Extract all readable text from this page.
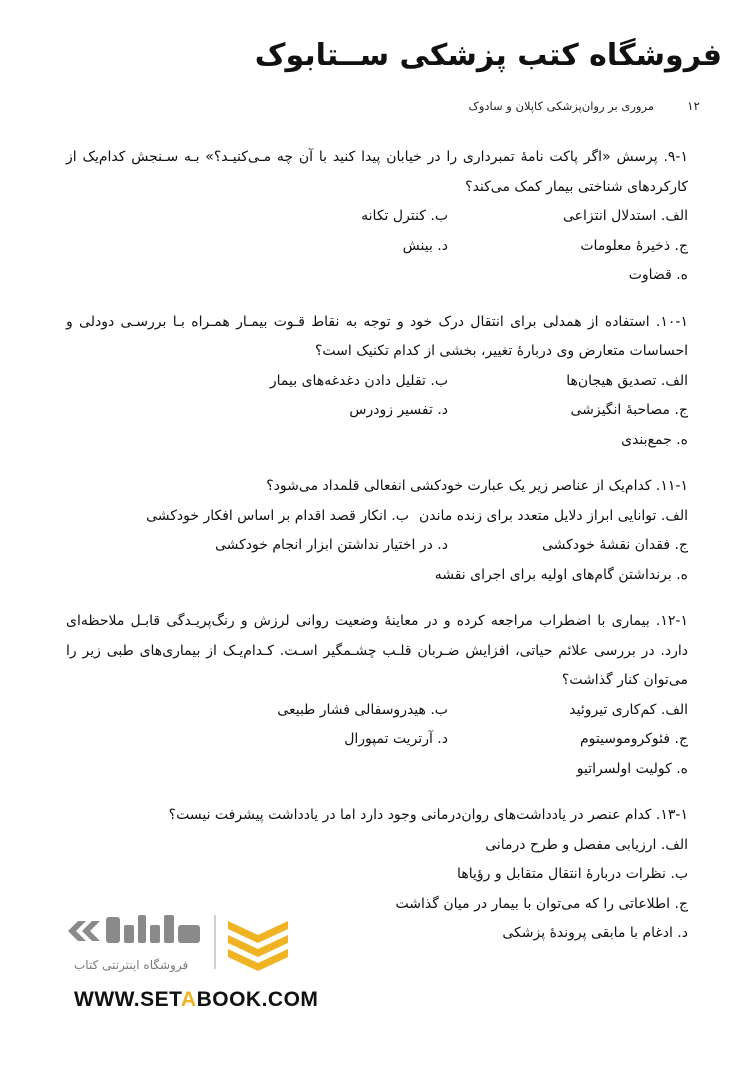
فروشگاه کتب پزشکی ســتابوک
۱۲
مروری بر روان‌پزشکی کاپلان و سادوک
۹-۱. پرسش «اگر پاکت نامهٔ تمبرداری را در خیابان پیدا کنید با آن چه مـی‌کنیـد؟» بـه سـنجش کدام‌یک از کارکردهای شناختی بیمار کمک می‌کند؟
الف. استدلال انتزاعی
ب. کنترل تکانه
ج. ذخیرهٔ معلومات
د. بینش
ه. قضاوت
۱۰-۱. استفاده از همدلی برای انتقال درک خود و توجه به نقاط قـوت بیمـار همـراه بـا بررسـی دودلی و احساسات متعارض وی دربارهٔ تغییر، بخشی از کدام تکنیک است؟
الف. تصدیق هیجان‌ها
ب. تقلیل دادن دغدغه‌های بیمار
ج. مصاحبهٔ انگیزشی
د. تفسیر زودرس
ه. جمع‌بندی
۱۱-۱. کدام‌یک از عناصر زیر یک عبارت خودکشی انفعالی قلمداد می‌شود؟
الف. توانایی ابراز دلایل متعدد برای زنده ماندن
ب. انکار قصد اقدام بر اساس افکار خودکشی
ج. فقدان نقشهٔ خودکشی
د. در اختیار نداشتن ابزار انجام خودکشی
ه. برنداشتن گام‌های اولیه برای اجرای نقشه
۱۲-۱. بیماری با اضطراب مراجعه کرده و در معاینهٔ وضعیت روانی لرزش و رنگ‌پریـدگی قابـل ملاحظه‌ای دارد. در بررسی علائم حیاتی، افزایش ضـربان قلـب چشـمگیر اسـت. کـدام‌یـک از بیماری‌های طبی زیر را می‌توان کنار گذاشت؟
الف. کم‌کاری تیروئید
ب. هیدروسفالی فشار طبیعی
ج. فئوکروموسیتوم
د. آرتریت تمپورال
ه. کولیت اولسراتیو
۱۳-۱. کدام عنصر در یادداشت‌های روان‌درمانی وجود دارد اما در یادداشت پیشرفت نیست؟
الف. ارزیابی مفصل و طرح درمانی
ب. نظرات دربارهٔ انتقال متقابل و رؤیاها
ج. اطلاعاتی را که می‌توان با بیمار در میان گذاشت
د. ادغام با مابقی پروندهٔ پزشکی
فروشگاه اینترنتی کتاب
WWW.SETABOOK.COM
